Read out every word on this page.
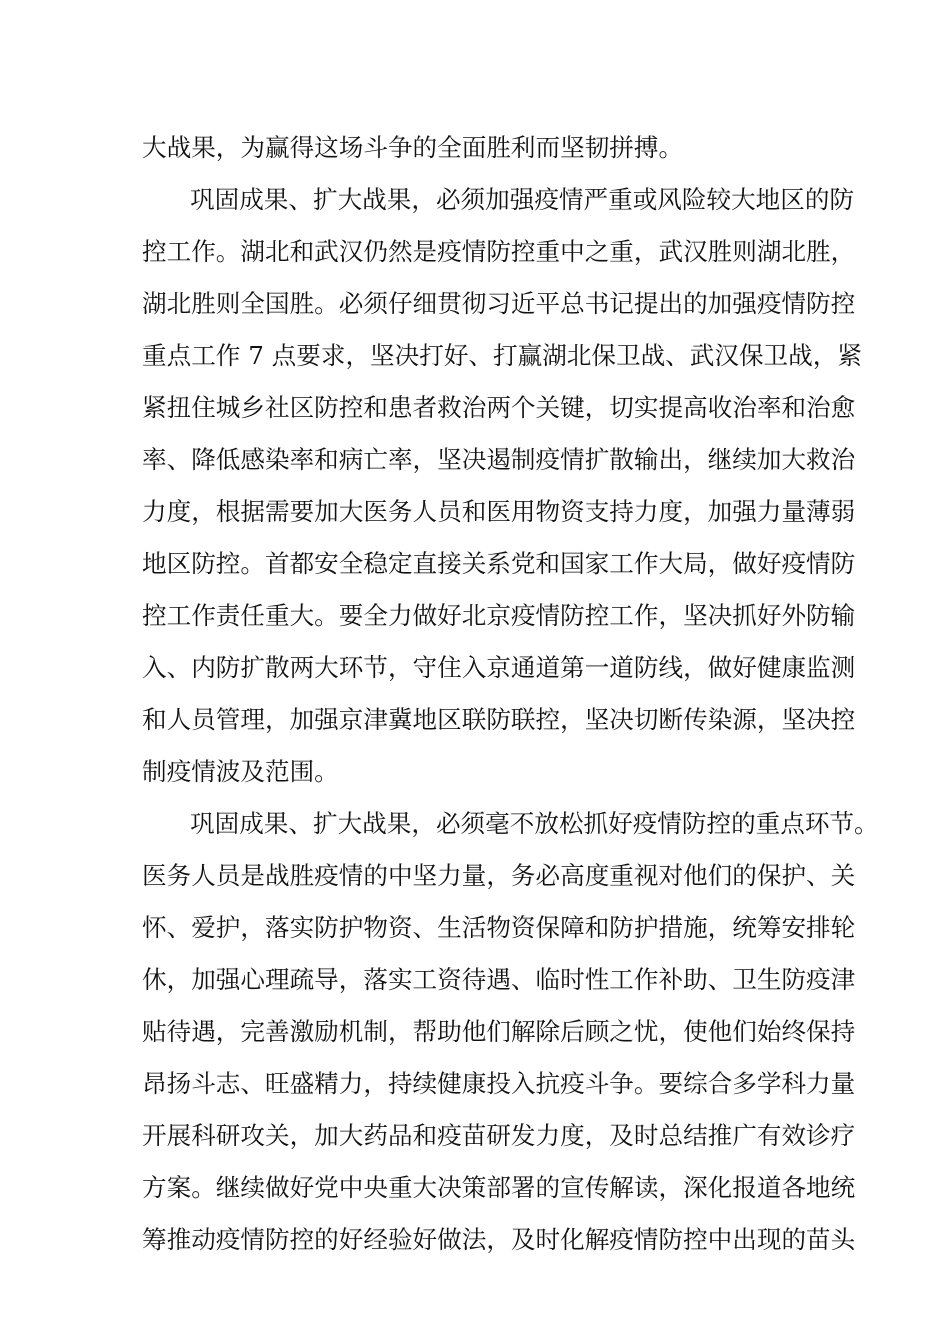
大战果，为赢得这场斗争的全面胜利而坚韧拼搏。
巩固成果、扩大战果，必须加强疫情严重或风险较大地区的防
控工作。湖北和武汉仍然是疫情防控重中之重，武汉胜则湖北胜，
湖北胜则全国胜。必须仔细贯彻习近平总书记提出的加强疫情防控
重点工作 7 点要求，坚决打好、打赢湖北保卫战、武汉保卫战，紧
紧扭住城乡社区防控和患者救治两个关键，切实提高收治率和治愈
率、降低感染率和病亡率，坚决遏制疫情扩散输出，继续加大救治
力度，根据需要加大医务人员和医用物资支持力度，加强力量薄弱
地区防控。首都安全稳定直接关系党和国家工作大局，做好疫情防
控工作责任重大。要全力做好北京疫情防控工作，坚决抓好外防输
入、内防扩散两大环节，守住入京通道第一道防线，做好健康监测
和人员管理，加强京津冀地区联防联控，坚决切断传染源，坚决控
制疫情波及范围。
巩固成果、扩大战果，必须毫不放松抓好疫情防控的重点环节。
医务人员是战胜疫情的中坚力量，务必高度重视对他们的保护、关
怀、爱护，落实防护物资、生活物资保障和防护措施，统筹安排轮
休，加强心理疏导，落实工资待遇、临时性工作补助、卫生防疫津
贴待遇，完善激励机制，帮助他们解除后顾之忧，使他们始终保持
昂扬斗志、旺盛精力，持续健康投入抗疫斗争。要综合多学科力量
开展科研攻关，加大药品和疫苗研发力度，及时总结推广有效诊疗
方案。继续做好党中央重大决策部署的宣传解读，深化报道各地统
筹推动疫情防控的好经验好做法，及时化解疫情防控中出现的苗头
